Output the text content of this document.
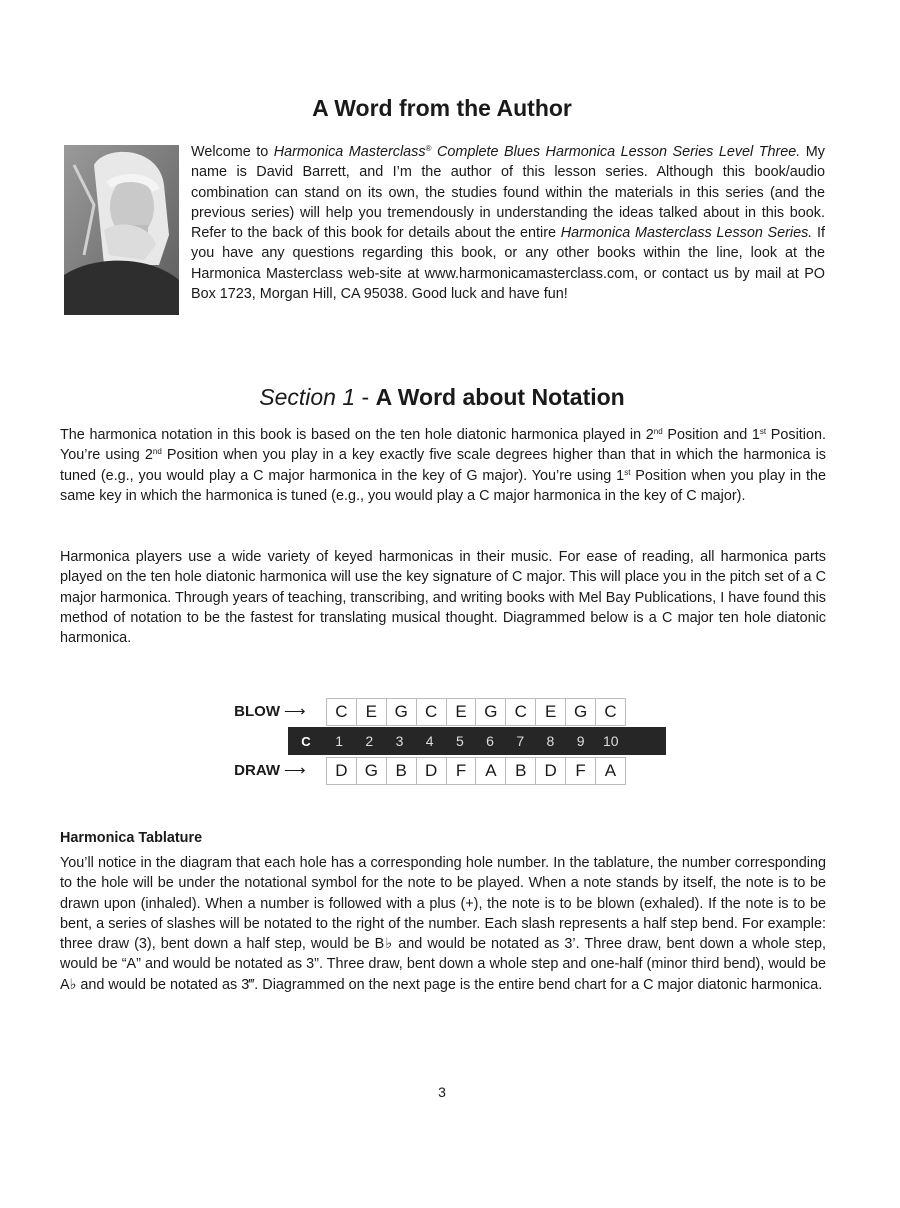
A Word from the Author

Welcome to Harmonica Masterclass® Complete Blues Harmonica Lesson Series Level Three. My name is David Barrett, and I’m the author of this lesson series. Although this book/audio combination can stand on its own, the studies found within the materials in this series (and the previous series) will help you tremendously in understanding the ideas talked about in this book. Refer to the back of this book for details about the entire Harmonica Masterclass Lesson Series. If you have any questions regarding this book, or any other books within the line, look at the Harmonica Masterclass web-site at www.harmonicamasterclass.com, or contact us by mail at PO Box 1723, Morgan Hill, CA 95038. Good luck and have fun!

Section 1 - A Word about Notation

The harmonica notation in this book is based on the ten hole diatonic harmonica played in 2nd Position and 1st Position. You’re using 2nd Position when you play in a key exactly five scale degrees higher than that in which the harmonica is tuned (e.g., you would play a C major harmonica in the key of G major). You’re using 1st Position when you play in the same key in which the harmonica is tuned (e.g., you would play a C major harmonica in the key of C major).

Harmonica players use a wide variety of keyed harmonicas in their music. For ease of reading, all harmonica parts played on the ten hole diatonic harmonica will use the key signature of C major. This will place you in the pitch set of a C major harmonica. Through years of teaching, transcribing, and writing books with Mel Bay Publications, I have found this method of notation to be the fastest for translating musical thought. Diagrammed below is a C major ten hole diatonic harmonica.

BLOW ⟶	C	E	G	C	E	G	C	E	G	C
C	1	2	3	4	5	6	7	8	9	10
DRAW ⟶	D	G	B	D	F	A	B	D	F	A
Harmonica Tablature

You’ll notice in the diagram that each hole has a corresponding hole number. In the tablature, the number corresponding to the hole will be under the notational symbol for the note to be played. When a note stands by itself, the note is to be drawn upon (inhaled). When a number is followed with a plus (+), the note is to be blown (exhaled). If the note is to be bent, a series of slashes will be notated to the right of the number. Each slash represents a half step bend. For example: three draw (3), bent down a half step, would be B♭ and would be notated as 3’. Three draw, bent down a whole step, would be “A” and would be notated as 3”. Three draw, bent down a whole step and one-half (minor third bend), would be A♭ and would be notated as 3‴. Diagrammed on the next page is the entire bend chart for a C major diatonic harmonica.

3
